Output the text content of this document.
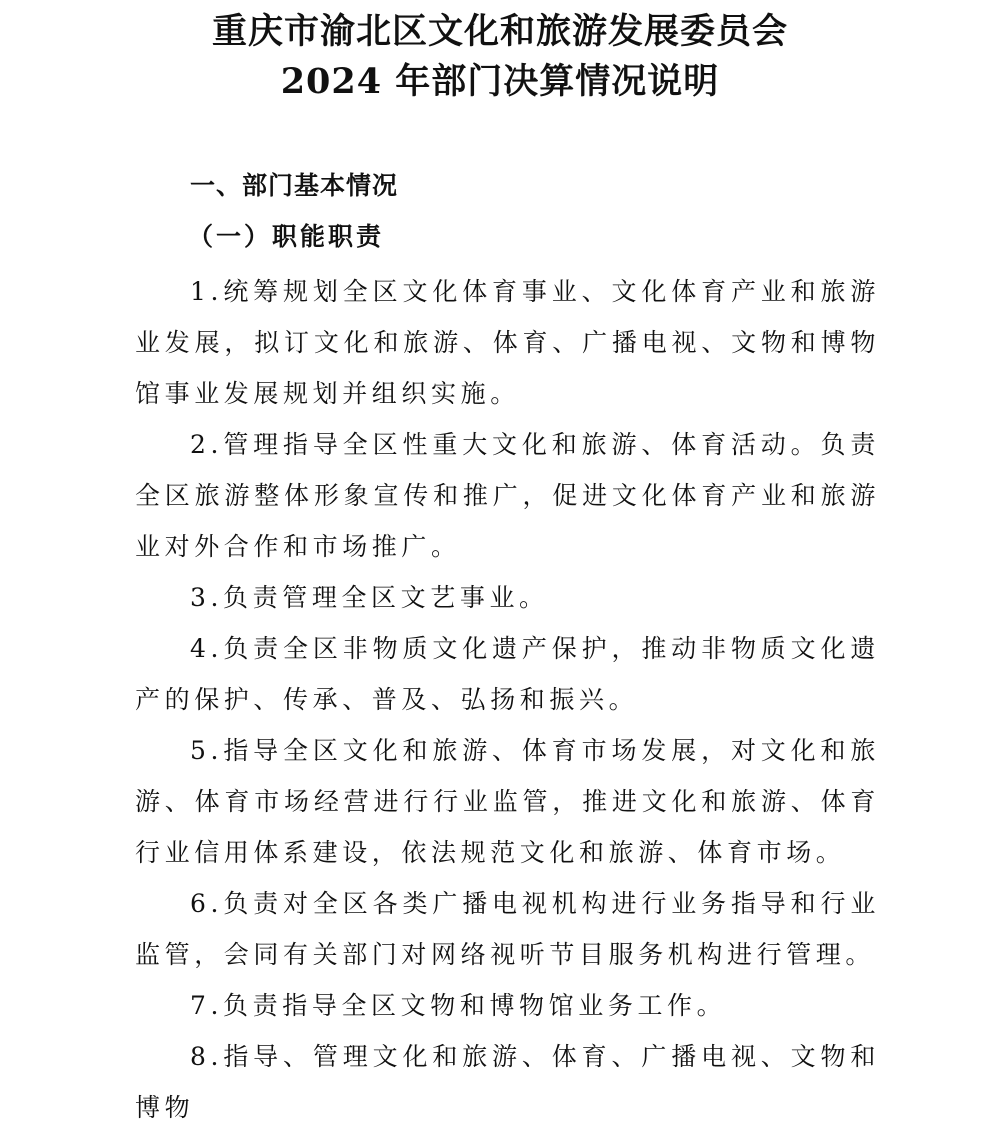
重庆市渝北区文化和旅游发展委员会
2024 年部门决算情况说明
一、部门基本情况
（一）职能职责

1.统筹规划全区文化体育事业、文化体育产业和旅游业发展，拟订文化和旅游、体育、广播电视、文物和博物馆事业发展规划并组织实施。

2.管理指导全区性重大文化和旅游、体育活动。负责全区旅游整体形象宣传和推广，促进文化体育产业和旅游业对外合作和市场推广。

3.负责管理全区文艺事业。

4.负责全区非物质文化遗产保护，推动非物质文化遗产的保护、传承、普及、弘扬和振兴。

5.指导全区文化和旅游、体育市场发展，对文化和旅游、体育市场经营进行行业监管，推进文化和旅游、体育行业信用体系建设，依法规范文化和旅游、体育市场。

6.负责对全区各类广播电视机构进行业务指导和行业监管，会同有关部门对网络视听节目服务机构进行管理。

7.负责指导全区文物和博物馆业务工作。

8.指导、管理文化和旅游、体育、广播电视、文物和博物
